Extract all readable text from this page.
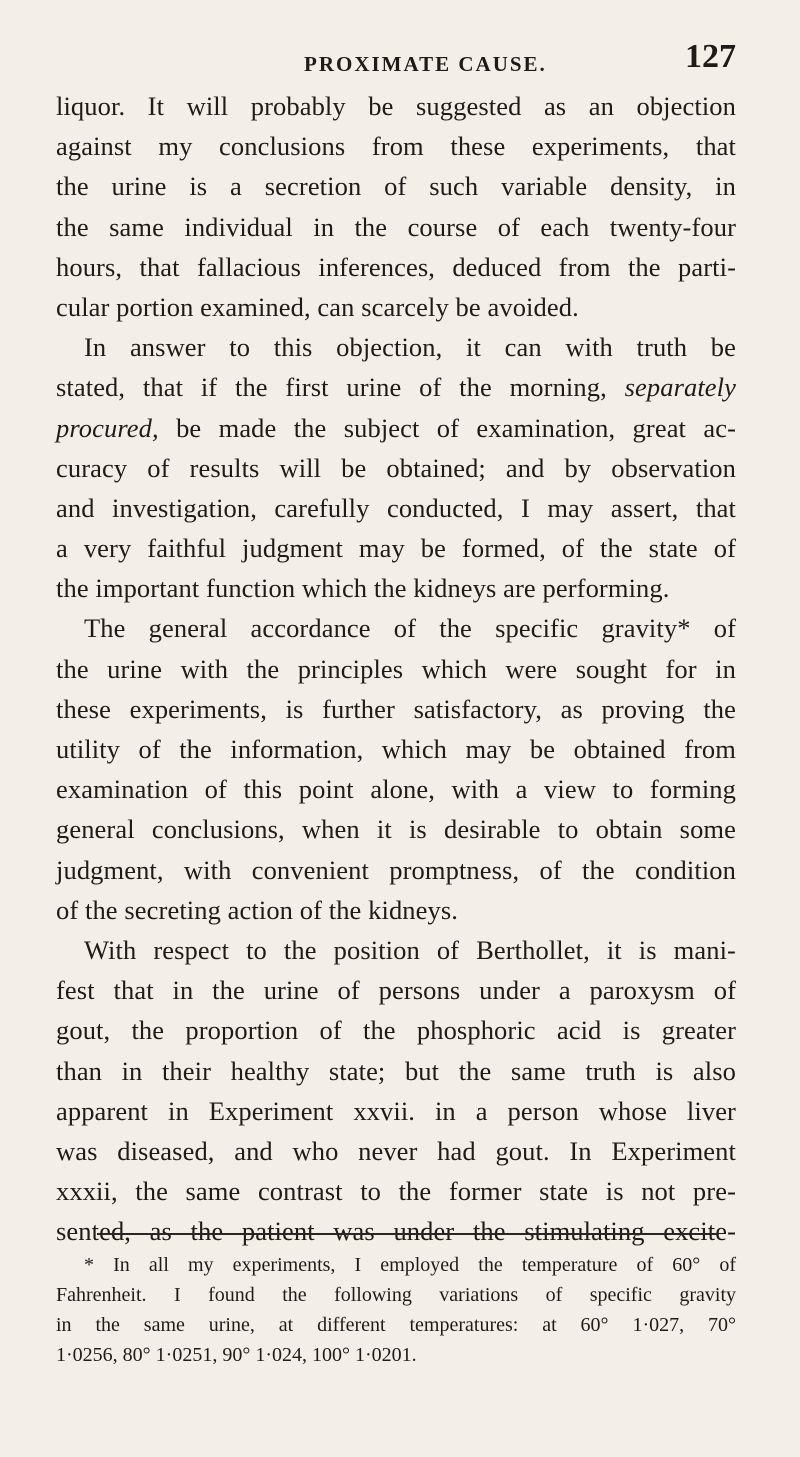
PROXIMATE CAUSE.	127
liquor. It will probably be suggested as an objection
against my conclusions from these experiments, that
the urine is a secretion of such variable density, in
the same individual in the course of each twenty-four
hours, that fallacious inferences, deduced from the parti-
cular portion examined, can scarcely be avoided.
In answer to this objection, it can with truth be
stated, that if the first urine of the morning, separately
procured, be made the subject of examination, great ac-
curacy of results will be obtained; and by observation
and investigation, carefully conducted, I may assert, that
a very faithful judgment may be formed, of the state of
the important function which the kidneys are performing.
The general accordance of the specific gravity* of
the urine with the principles which were sought for in
these experiments, is further satisfactory, as proving the
utility of the information, which may be obtained from
examination of this point alone, with a view to forming
general conclusions, when it is desirable to obtain some
judgment, with convenient promptness, of the condition
of the secreting action of the kidneys.
With respect to the position of Berthollet, it is mani-
fest that in the urine of persons under a paroxysm of
gout, the proportion of the phosphoric acid is greater
than in their healthy state; but the same truth is also
apparent in Experiment xxvii. in a person whose liver
was diseased, and who never had gout. In Experiment
xxxii, the same contrast to the former state is not pre-
sented, as the patient was under the stimulating excite-
* In all my experiments, I employed the temperature of 60° of
Fahrenheit. I found the following variations of specific gravity
in the same urine, at different temperatures: at 60° 1·027, 70°
1·0256, 80° 1·0251, 90° 1·024, 100° 1·0201.
